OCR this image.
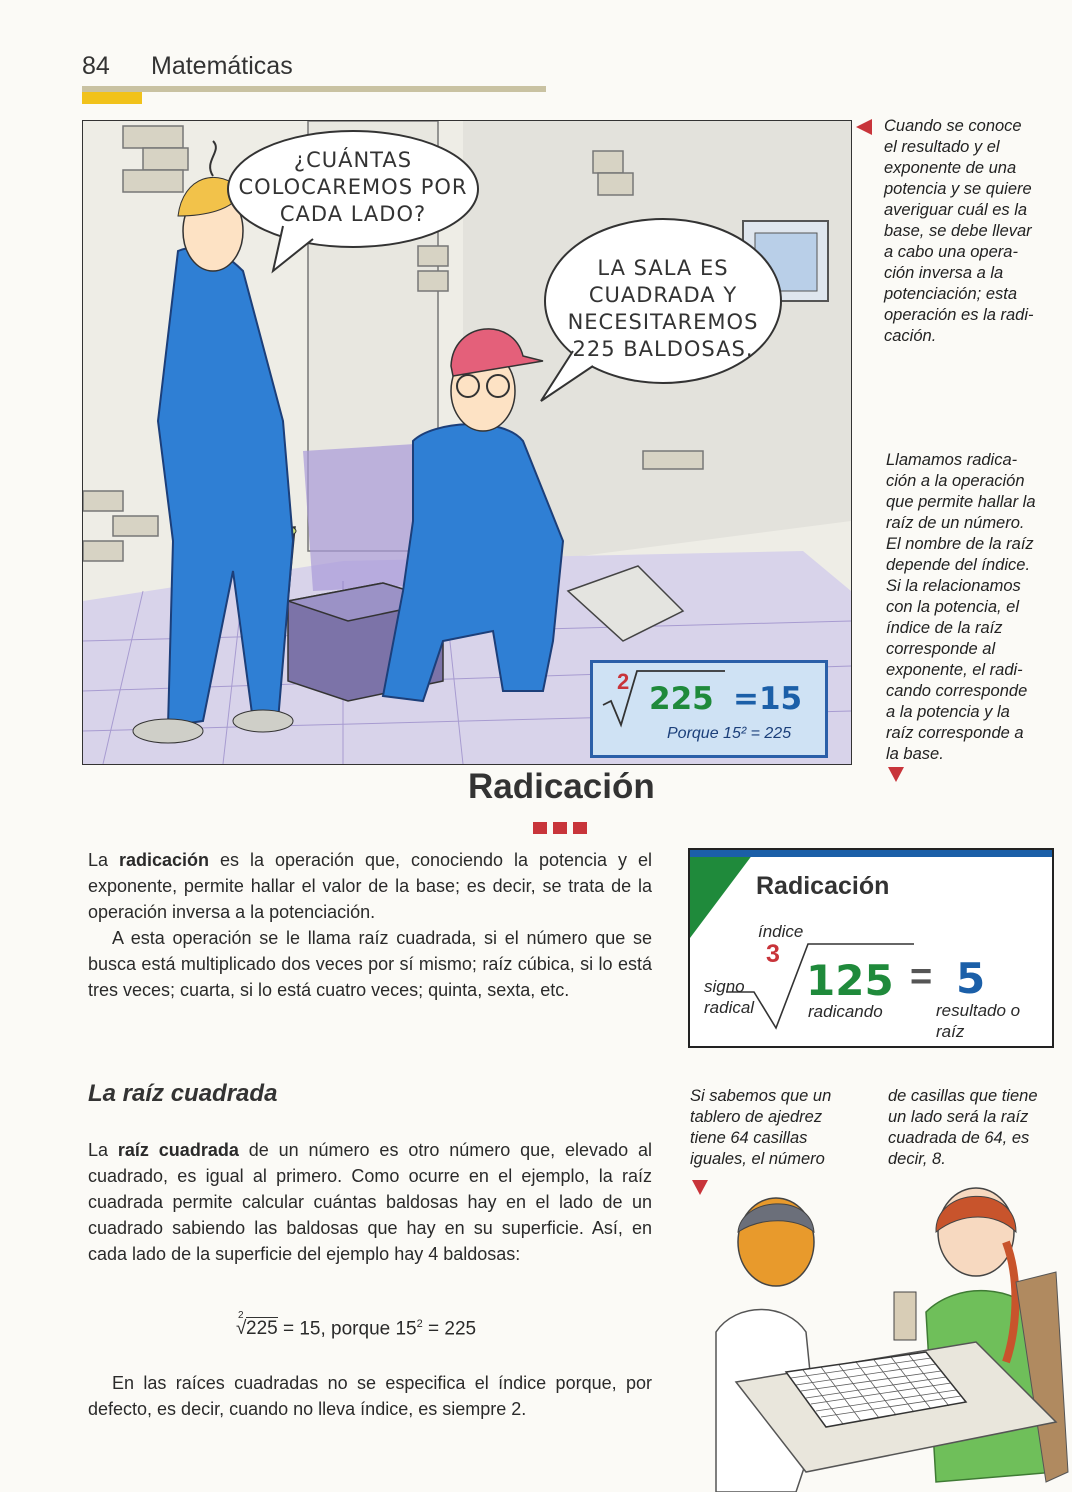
84 Matemáticas
¿CUÁNTAS
COLOCAREMOS POR
CADA LADO?
LA SALA ES
CUADRADA Y
NECESITAREMOS
225 BALDOSAS.
2 225 =15
Porque 15² = 225
Cuando se conoce
el resultado y el
exponente de una
potencia y se quiere
averiguar cuál es la
base, se debe llevar
a cabo una opera-
ción inversa a la
potenciación; esta
operación es la radi-
cación.
Llamamos radica-
ción a la operación
que permite hallar la
raíz de un número.
El nombre de la raíz
depende del índice.
Si la relacionamos
con la potencia, el
índice de la raíz
corresponde al
exponente, el radi-
cando corresponde
a la potencia y la
raíz corresponde a
la base.
Radicación
La radicación es la operación que, conociendo la potencia y el exponente, permite hallar el valor de la base; es decir, se trata de la operación inversa a la potenciación.
A esta operación se le llama raíz cuadrada, si el número que se busca está multiplicado dos veces por sí mismo; raíz cúbica, si lo está tres veces; cuarta, si lo está cuatro veces; quinta, sexta, etc.
Radicación
índice
3
125 = 5
signo
radical	radicando	resultado o
raíz
La raíz cuadrada
La raíz cuadrada de un número es otro número que, elevado al cuadrado, es igual al primero. Como ocurre en el ejemplo, la raíz cuadrada permite calcular cuántas baldosas hay en el lado de un cuadrado sabiendo las baldosas que hay en su superficie. Así, en cada lado de la superficie del ejemplo hay 4 baldosas:
2
√ 225 = 15, porque $15^2 = 225$
En las raíces cuadradas no se especifica el índice porque, por defecto, es decir, cuando no lleva índice, es siempre 2.
Si sabemos que un
tablero de ajedrez
tiene 64 casillas
iguales, el número
de casillas que tiene
un lado será la raíz
cuadrada de 64, es
decir, 8.
